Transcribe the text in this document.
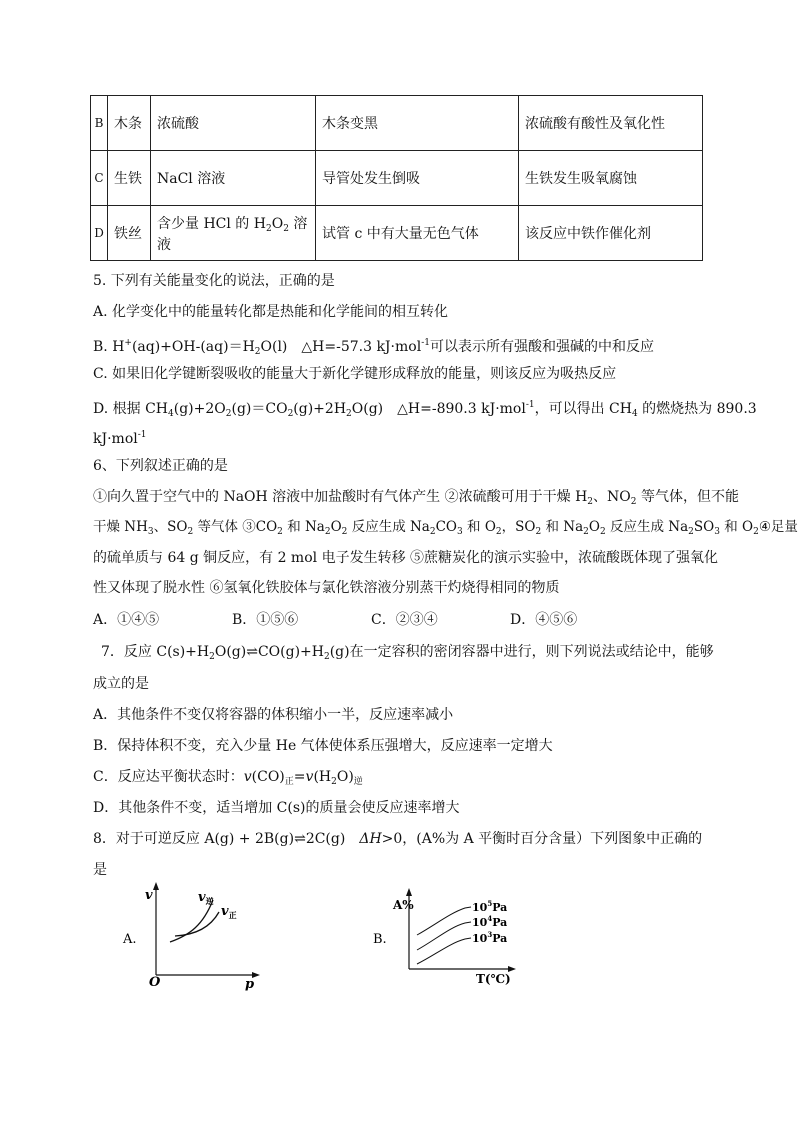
B	木条	浓硫酸	木条变黑	浓硫酸有酸性及氧化性
C	生铁	NaCl 溶液	导管处发生倒吸	生铁发生吸氧腐蚀
D	铁丝	含少量 HCl 的 $H_2O_2$ 溶液	试管 c 中有大量无色气体	该反应中铁作催化剂
5. 下列有关能量变化的说法，正确的是
A. 化学变化中的能量转化都是热能和化学能间的相互转化
B. $H^+(aq)+OH-(aq)=H_2O(l)$　△H=-57.3 kJ·mol$^{-1}$可以表示所有强酸和强碱的中和反应
C. 如果旧化学键断裂吸收的能量大于新化学键形成释放的能量，则该反应为吸热反应
D. 根据 $CH_4(g)+2O_2(g)=CO_2(g)+2H_2O(g)$　△H=-890.3 kJ·mol$^{-1}$，可以得出 $CH_4$ 的燃烧热为 890.3
kJ·mol$^{-1}$
6、下列叙述正确的是
①向久置于空气中的 NaOH 溶液中加盐酸时有气体产生 ②浓硫酸可用于干燥 $H_2$、$NO_2$ 等气体，但不能
干燥 $NH_3$、$SO_2$ 等气体 $③CO_2$ 和 $Na_2O_2$ 反应生成 $Na_2CO_3$ 和 $O_2$，$SO_2$ 和 $Na_2O_2$ 反应生成 $Na_2SO_3$ 和 $O_2④$足量
的硫单质与 64 g 铜反应，有 2 mol 电子发生转移 ⑤蔗糖炭化的演示实验中，浓硫酸既体现了强氧化
性又体现了脱水性 ⑥氢氧化铁胶体与氯化铁溶液分别蒸干灼烧得相同的物质
A．①④⑤	B．①⑤⑥	C．②③④	D．④⑤⑥
7．反应 $C(s)+H_2O(g)\rightleftharpoons CO(g)+H_2(g)$在一定容积的密闭容器中进行，则下列说法或结论中，能够
成立的是
A．其他条件不变仅将容器的体积缩小一半，反应速率减小
B．保持体积不变，充入少量 He 气体使体系压强增大，反应速率一定增大
C．反应达平衡状态时：$v(CO)_正=v(H_2O)_逆$
D．其他条件不变，适当增加 C(s)的质量会使反应速率增大
8．对于可逆反应 A(g) + 2B(g)⇌2C(g)　ΔH>0，(A%为 A 平衡时百分含量）下列图象中正确的
是
A.
v
O	p
$v_逆$
$v_正$
B.
A%
T(℃)
$10^5Pa$
$10^4Pa$
$10^3Pa$
